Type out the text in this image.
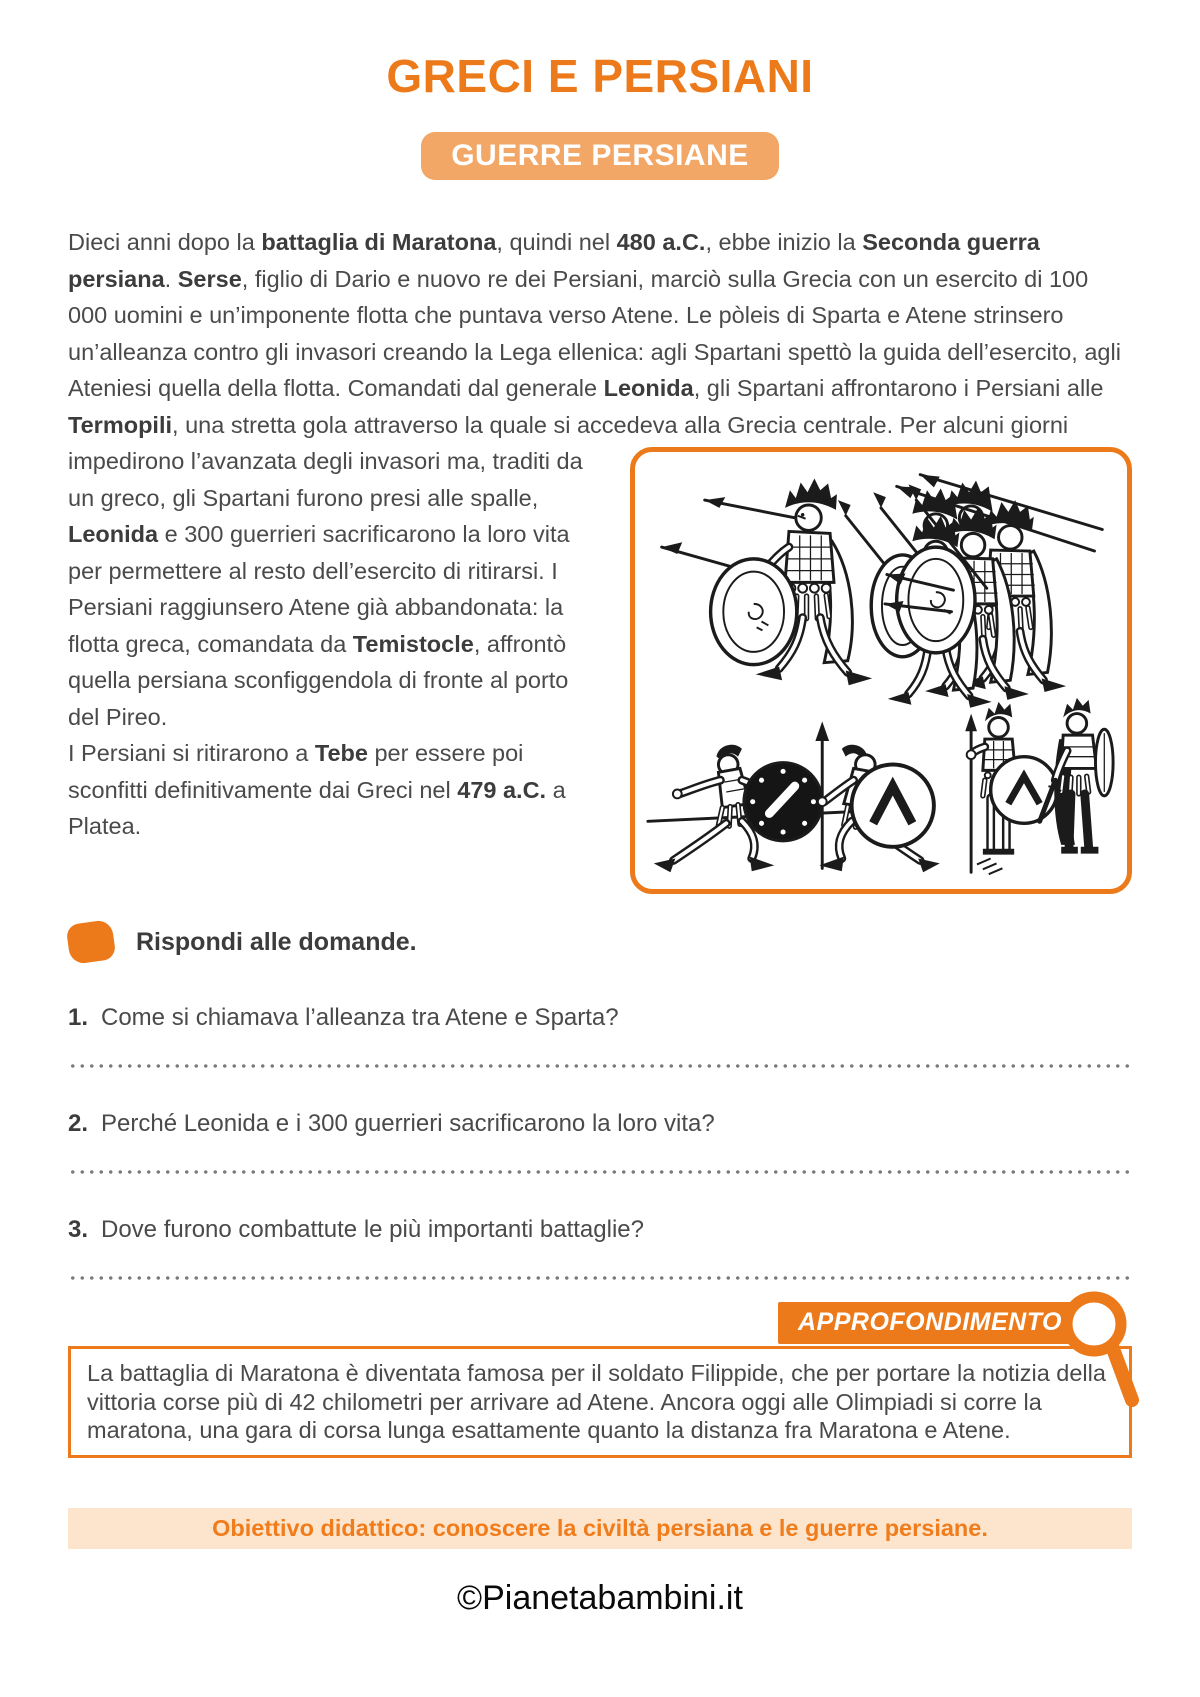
GRECI E PERSIANI

GUERRE PERSIANE
Dieci anni dopo la battaglia di Maratona, quindi nel 480 a.C., ebbe inizio la Seconda guerra persiana. Serse, figlio di Dario e nuovo re dei Persiani, marciò sulla Grecia con un esercito di 100 000 uomini e un’imponente flotta che puntava verso Atene. Le pòleis di Sparta e Atene strinsero un’alleanza contro gli invasori creando la Lega ellenica: agli Spartani spettò la guida dell’esercito, agli Ateniesi quella della flotta. Comandati dal generale Leonida, gli Spartani affrontarono i Persiani alle Termopili, una stretta gola attraverso la quale si accedeva alla Grecia centrale. Per alcuni
giorni impedirono l’avanzata degli invasori ma, traditi da un greco, gli Spartani furono presi alle spalle, Leonida e 300 guerrieri sacrificarono la loro vita per permettere al resto dell’esercito di ritirarsi. I Persiani raggiunsero Atene già abbandonata: la flotta greca, comandata da Temistocle, affrontò quella persiana sconfiggendola di fronte al porto del Pireo.
I Persiani si ritirarono a Tebe per essere poi sconfitti definitivamente dai Greci nel 479 a.C. a Platea.
Rispondi alle domande.
1. Come si chiamava l’alleanza tra Atene e Sparta?
2. Perché Leonida e i 300 guerrieri sacrificarono la loro vita?
3. Dove furono combattute le più importanti battaglie?
APPROFONDIMENTO
La battaglia di Maratona è diventata famosa per il soldato Filippide, che per portare la notizia della vittoria corse più di 42 chilometri per arrivare ad Atene. Ancora oggi alle Olimpiadi si corre la maratona, una gara di corsa lunga esattamente quanto la distanza fra Maratona e Atene.
Obiettivo didattico: conoscere la civiltà persiana e le guerre persiane.
©Pianetabambini.it
